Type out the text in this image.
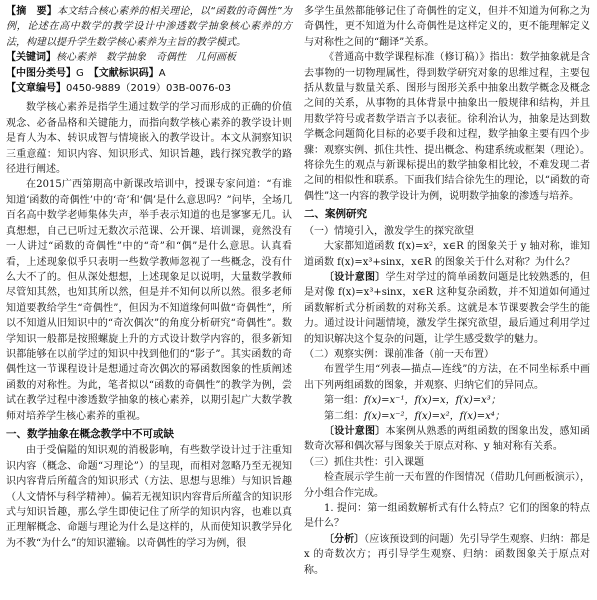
【摘　要】本文结合核心素养的相关理论，以“函数的奇偶性”为例，论述在高中数学的教学设计中渗透数学抽象核心素养的方法，构建以提升学生数学核心素养为主旨的教学模式。

【关键词】核心素养　数学抽象　奇偶性　几何画板

【中图分类号】G　 【文献标识码】A

【文章编号】0450-9889（2019）03B-0076-03

数学核心素养是指学生通过数学的学习而形成的正确的价值观念、必备品格和关键能力，而指向数学核心素养的教学设计则是育人为本、转识成智与情境嵌入的教学设计。本文从洞察知识三重意蕴：知识内容、知识形式、知识旨趣，践行探究教学的路径进行阐述。

在2015广西第期高中新课改培训中，授课专家问道：“有谁知道‘函数的奇偶性’中的‘奇’和‘偶’是什么意思吗？”问毕，全场几百名高中数学老师集体失声，举手表示知道的也是寥寥无几。认真想想，自己已听过无数次示范课、公开课、培训课，竟然没有一人讲过“函数的奇偶性”中的“奇”和“偶”是什么意思。认真看看，上述现象似乎只表明一些数学教师忽视了一些概念，没有什么大不了的。但从深处想想，上述现象足以说明，大量数学教师尽管知其然，也知其所以然，但是并不知何以所以然。很多老师知道要教给学生“奇偶性”，但因为不知道缘何叫做“奇偶性”，所以不知道从旧知识中的“奇次偶次”的角度分析研究“奇偶性”。数学知识一般都是按照螺旋上升的方式设计数学内容的，很多新知识都能够在以前学过的知识中找到他们的“影子”。其实函数的奇偶性这一节课程设计是想通过奇次偶次的幂函数图象的性质阐述函数的对称性。为此，笔者拟以“函数的奇偶性”的教学为例，尝试在教学过程中渗透数学抽象的核心素养，以期引起广大数学教师对培养学生核心素养的重视。

一、数学抽象在概念教学中不可或缺

由于受偏隘的知识观的消极影响，有些数学设计过于注重知识内容（概念、命题“习理论”）的呈现，而相对忽略乃至无视知识内容背后所蕴含的知识形式（方法、思想与思维）与知识旨趣（人文情怀与科学精神）。偏若无视知识内容背后所蕴含的知识形式与知识旨趣，那么学生即使记住了所学的知识内容，也难以真正理解概念、命题与理论为什么是这样的，从而使知识教学异化为不教“为什么”的知识灌输。以奇偶性的学习为例，很

多学生虽然都能够记住了奇偶性的定义，但并不知道为何称之为奇偶性，更不知道为什么奇偶性是这样定义的，更不能理解定义与对称性之间的“翻译”关系。

《普通高中数学课程标准（修订稿）》指出：数学抽象就是含去事物的一切物理属性，得到数学研究对象的思维过程，主要包括从数量与数量关系、图形与图形关系中抽象出数学概念及概念之间的关系，从事物的具体背景中抽象出一般规律和结构，并且用数学符号或者数学语言予以表征。徐利治认为，抽象是达到数学概念问题简化目标的必要手段和过程，数学抽象主要有四个步骤：观察实例、抓住共性、提出概念、构建系统或框架（理论）。将徐先生的观点与新课标提出的数学抽象相比较，不难发现二者之间的相似性和联系。下面我们结合徐先生的理论，以“函数的奇偶性”这一内容的教学设计为例，说明数学抽象的渗透与培养。

二、案例研究

（一）情境引入，激发学生的探究欲望

大家都知道函数 f(x)=x²，x∈R 的图象关于 y 轴对称，谁知道函数 f(x)=x³+sinx，x∈R 的图象关于什么对称？为什么？

〔设计意图〕学生对学过的简单函数问题是比较熟悉的，但是对像 f(x)=x³+sinx，x∈R 这种复杂函数，并不知道如何通过函数解析式分析函数的对称关系。这就是本节课要教会学生的能力。通过设计问题情境，激发学生探究欲望，最后通过利用学过的知识解决这个复杂的问题，让学生感受数学的魅力。

（二）观察实例：课前准备（前一天布置）

布置学生用“列表—描点—连线”的方法，在不同坐标系中画出下列两组函数的图象，并观察、归纳它们的异同点。

第一组：f(x)=x⁻¹，f(x)=x，f(x)=x³；

第二组：f(x)=x⁻²，f(x)=x²，f(x)=x⁴；

〔设计意图〕本案例从熟悉的两组函数的图象出发，感知函数奇次幂和偶次幂与图象关于原点对称、y 轴对称有关系。

（三）抓住共性：引入课题

检查展示学生前一天布置的作图情况（借助几何画板演示），分小组合作完成。

1. 提问：第一组函数解析式有什么特点？它们的图象的特点是什么？

〔分析〕（应该预设到的问题）先引导学生观察、归纳：都是 x 的奇数次方；再引导学生观察、归纳：函数图象关于原点对称。
